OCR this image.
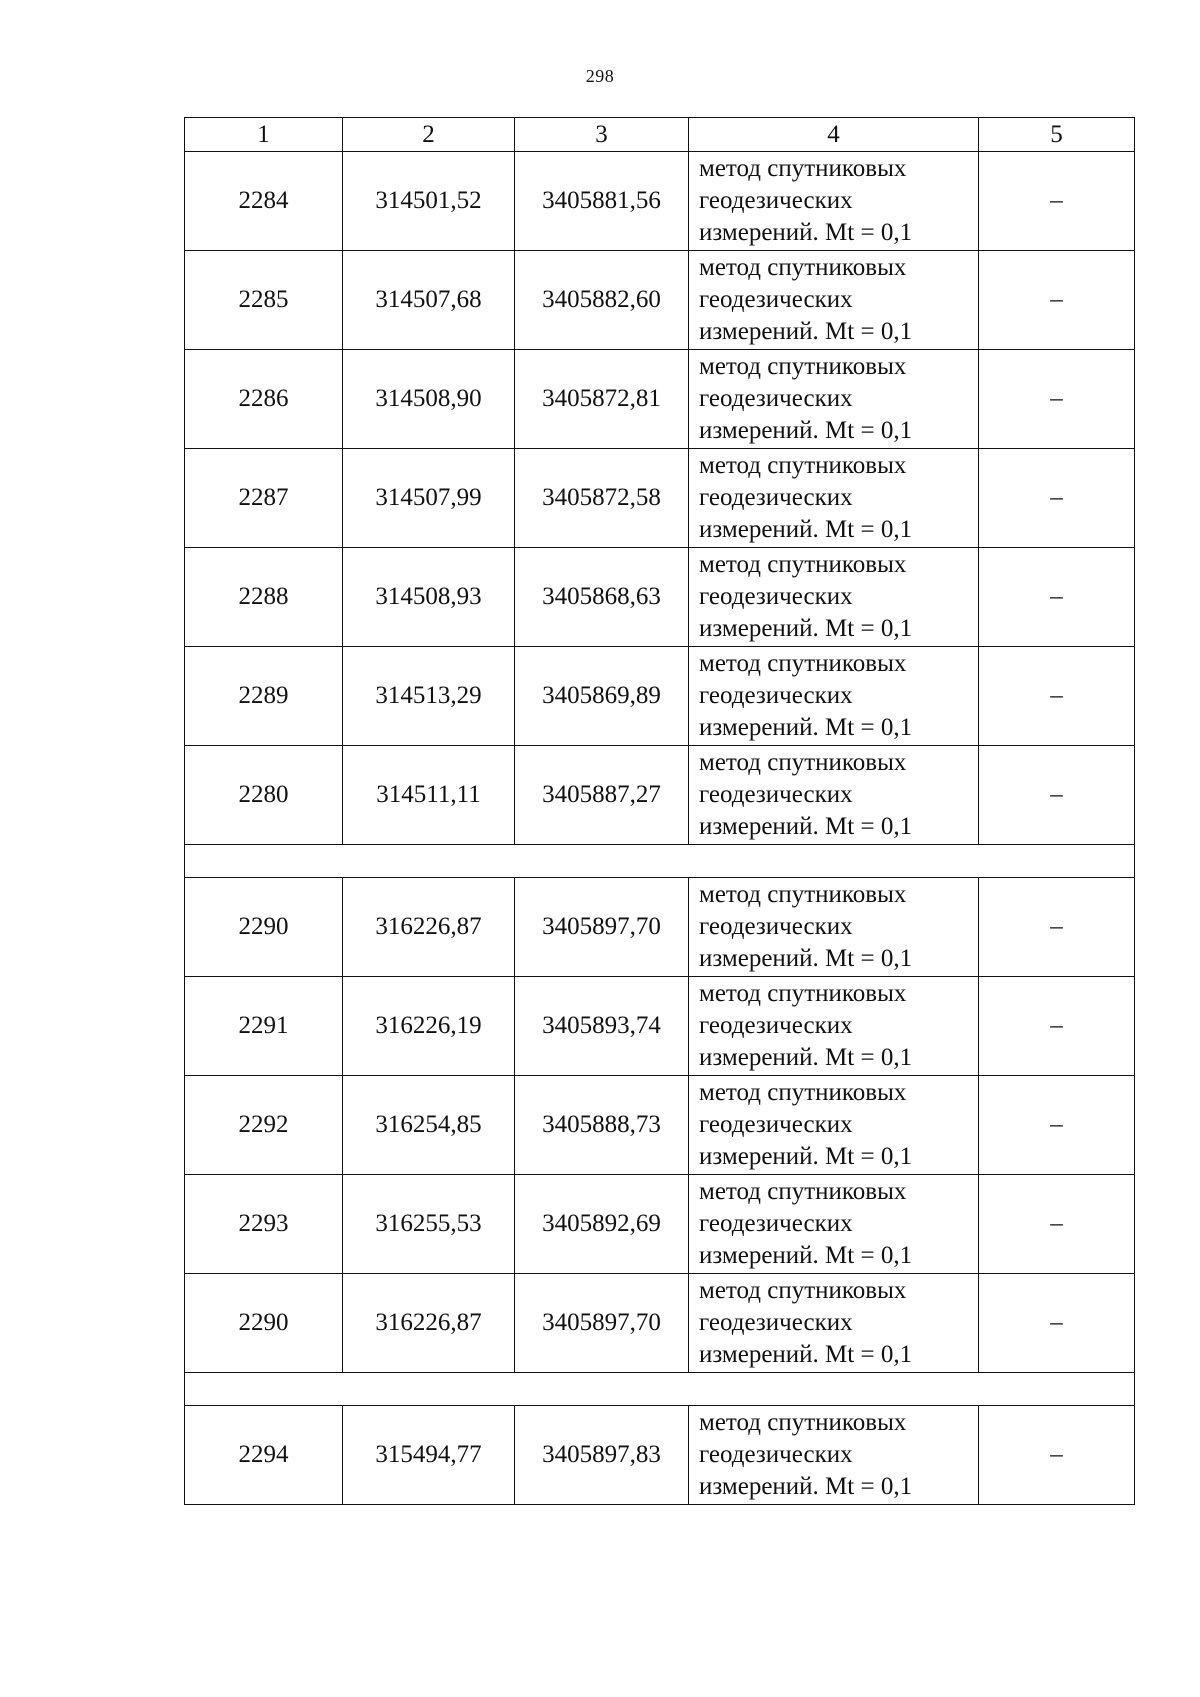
298
1	2	3	4	5
2284	314501,52	3405881,56	метод спутниковых
геодезических
измерений. Mt = 0,1	–
2285	314507,68	3405882,60	метод спутниковых
геодезических
измерений. Mt = 0,1	–
2286	314508,90	3405872,81	метод спутниковых
геодезических
измерений. Mt = 0,1	–
2287	314507,99	3405872,58	метод спутниковых
геодезических
измерений. Mt = 0,1	–
2288	314508,93	3405868,63	метод спутниковых
геодезических
измерений. Mt = 0,1	–
2289	314513,29	3405869,89	метод спутниковых
геодезических
измерений. Mt = 0,1	–
2280	314511,11	3405887,27	метод спутниковых
геодезических
измерений. Mt = 0,1	–

2290	316226,87	3405897,70	метод спутниковых
геодезических
измерений. Mt = 0,1	–
2291	316226,19	3405893,74	метод спутниковых
геодезических
измерений. Mt = 0,1	–
2292	316254,85	3405888,73	метод спутниковых
геодезических
измерений. Mt = 0,1	–
2293	316255,53	3405892,69	метод спутниковых
геодезических
измерений. Mt = 0,1	–
2290	316226,87	3405897,70	метод спутниковых
геодезических
измерений. Mt = 0,1	–

2294	315494,77	3405897,83	метод спутниковых
геодезических
измерений. Mt = 0,1	–
